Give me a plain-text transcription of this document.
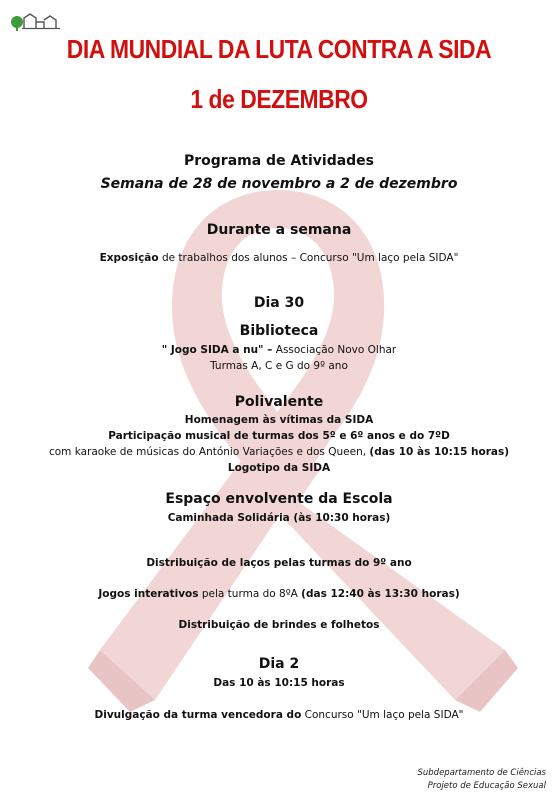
DIA MUNDIAL DA LUTA CONTRA A SIDA
1 de DEZEMBRO
Programa de Atividades
Semana de 28 de novembro a 2 de dezembro
Durante a semana
Exposição de trabalhos dos alunos – Concurso "Um laço pela SIDA"
Dia 30
Biblioteca
" Jogo SIDA a nu" – Associação Novo Olhar
Turmas A, C e G do 9º ano
Polivalente
Homenagem às vítimas da SIDA
Participação musical de turmas dos 5º e 6º anos e do 7ºD
com karaoke de músicas do António Variações e dos Queen, (das 10 às 10:15 horas)
Logotipo da SIDA
Espaço envolvente da Escola
Caminhada Solidária (às 10:30 horas)
Distribuição de laços pelas turmas do 9º ano
Jogos interativos pela turma do 8ºA (das 12:40 às 13:30 horas)
Distribuição de brindes e folhetos
Dia 2
Das 10 às 10:15 horas
Divulgação da turma vencedora do Concurso "Um laço pela SIDA"
Subdepartamento de Ciências
Projeto de Educação Sexual
